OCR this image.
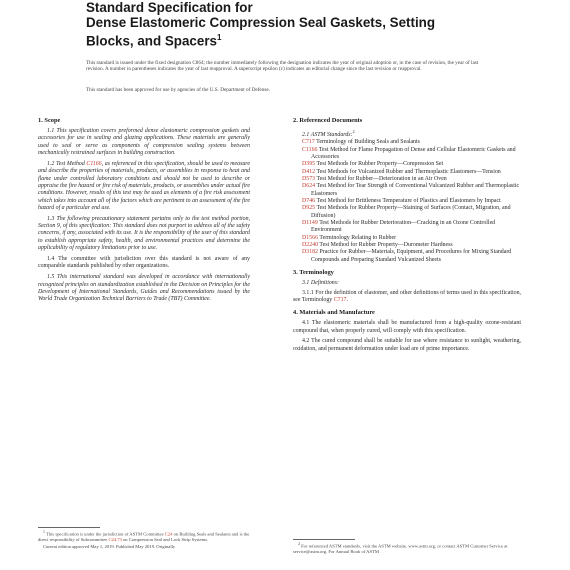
Standard Specification for
Dense Elastomeric Compression Seal Gaskets, Setting
Blocks, and Spacers$^1$
This standard is issued under the fixed designation C864; the number immediately following the designation indicates the year of original adoption or, in the case of revision, the year of last revision. A number in parentheses indicates the year of last reapproval. A superscript epsilon (ε) indicates an editorial change since the last revision or reapproval.
This standard has been approved for use by agencies of the U.S. Department of Defense.
1. Scope
1.1 This specification covers preformed dense elastomeric compression gaskets and accessories for use in sealing and glazing applications. These materials are generally used to seal or serve as components of compression sealing systems between mechanically restrained surfaces in building construction.
1.2 Test Method C1166, as referenced in this specification, should be used to measure and describe the properties of materials, products, or assemblies in response to heat and flame under controlled laboratory conditions and should not be used to describe or appraise the fire hazard or fire risk of materials, products, or assemblies under actual fire conditions. However, results of this test may be used as elements of a fire risk assessment which takes into account all of the factors which are pertinent to an assessment of the fire hazard of a particular end use.
1.3 The following precautionary statement pertains only to the test method portion, Section 9, of this specification: This standard does not purport to address all of the safety concerns, if any, associated with its use. It is the responsibility of the user of this standard to establish appropriate safety, health, and environmental practices and determine the applicability of regulatory limitations prior to use.
1.4 The committee with jurisdiction over this standard is not aware of any comparable standards published by other organizations.
1.5 This international standard was developed in accordance with internationally recognized principles on standardization established in the Decision on Principles for the Development of International Standards, Guides and Recommendations issued by the World Trade Organization Technical Barriers to Trade (TBT) Committee.

$^1$ This specification is under the jurisdiction of ASTM Committee C24 on Building Seals and Sealants and is the direct responsibility of Subcommittee C24.73 on Compression Seal and Lock Strip Systems.

Current edition approved May 1, 2019. Published May 2019. Originally

2. Referenced Documents
2.1 ASTM Standards:$^2$
C717 Terminology of Building Seals and Sealants
C1166 Test Method for Flame Propagation of Dense and Cellular Elastomeric Gaskets and Accessories
D395 Test Methods for Rubber Property—Compression Set
D412 Test Methods for Vulcanized Rubber and Thermoplastic Elastomers—Tension
D573 Test Method for Rubber—Deterioration in an Air Oven
D624 Test Method for Tear Strength of Conventional Vulcanized Rubber and Thermoplastic Elastomers
D746 Test Method for Brittleness Temperature of Plastics and Elastomers by Impact
D925 Test Methods for Rubber Property—Staining of Surfaces (Contact, Migration, and Diffusion)
D1149 Test Methods for Rubber Deterioration—Cracking in an Ozone Controlled Environment
D1566 Terminology Relating to Rubber
D2240 Test Method for Rubber Property—Durometer Hardness
D3182 Practice for Rubber—Materials, Equipment, and Procedures for Mixing Standard Compounds and Preparing Standard Vulcanized Sheets
3. Terminology
3.1 Definitions:
3.1.1 For the definition of elastomer, and other definitions of terms used in this specification, see Terminology C717.
4. Materials and Manufacture
4.1 The elastomeric materials shall be manufactured from a high-quality ozone-resistant compound that, when properly cured, will comply with this specification.
4.2 The cured compound shall be suitable for use where resistance to sunlight, weathering, oxidation, and permanent deformation under load are of prime importance.
$^2$ For referenced ASTM standards, visit the ASTM website, www.astm.org, or contact ASTM Customer Service at service@astm.org. For Annual Book of ASTM
